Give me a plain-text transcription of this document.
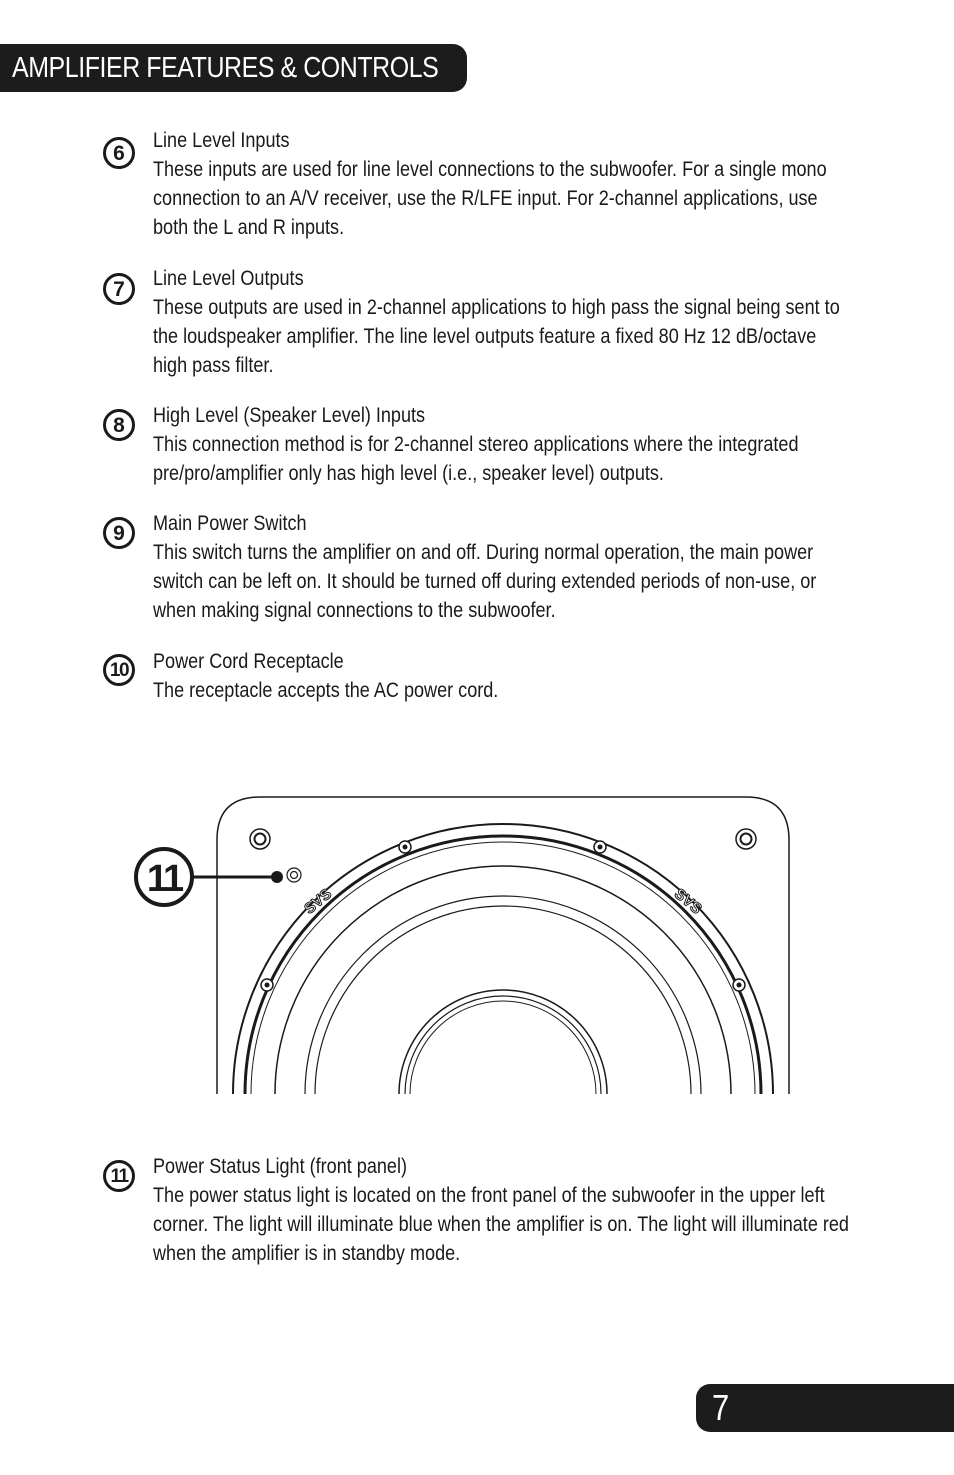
AMPLIFIER FEATURES & CONTROLS
6
Line Level Inputs
These inputs are used for line level connections to the subwoofer. For a single mono connection to an A/V receiver, use the R/LFE input. For 2-channel applications, use both the L and R inputs.
7 Line Level Outputs
These outputs are used in 2-channel applications to high pass the signal being sent to the loudspeaker amplifier. The line level outputs feature a fixed 80 Hz 12 dB/octave high pass filter.
8 High Level (Speaker Level) Inputs
This connection method is for 2-channel stereo applications where the integrated pre/pro/amplifier only has high level (i.e., speaker level) outputs.
9 Main Power Switch
This switch turns the amplifier on and off. During normal operation, the main power switch can be left on. It should be turned off during extended periods of non-use, or when making signal connections to the subwoofer.
10 Power Cord Receptacle
The receptacle accepts the AC power cord.
SVS	SVS
11
11 Power Status Light (front panel)
The power status light is located on the front panel of the subwoofer in the upper left corner. The light will illuminate blue when the amplifier is on. The light will illuminate red when the amplifier is in standby mode.
7
